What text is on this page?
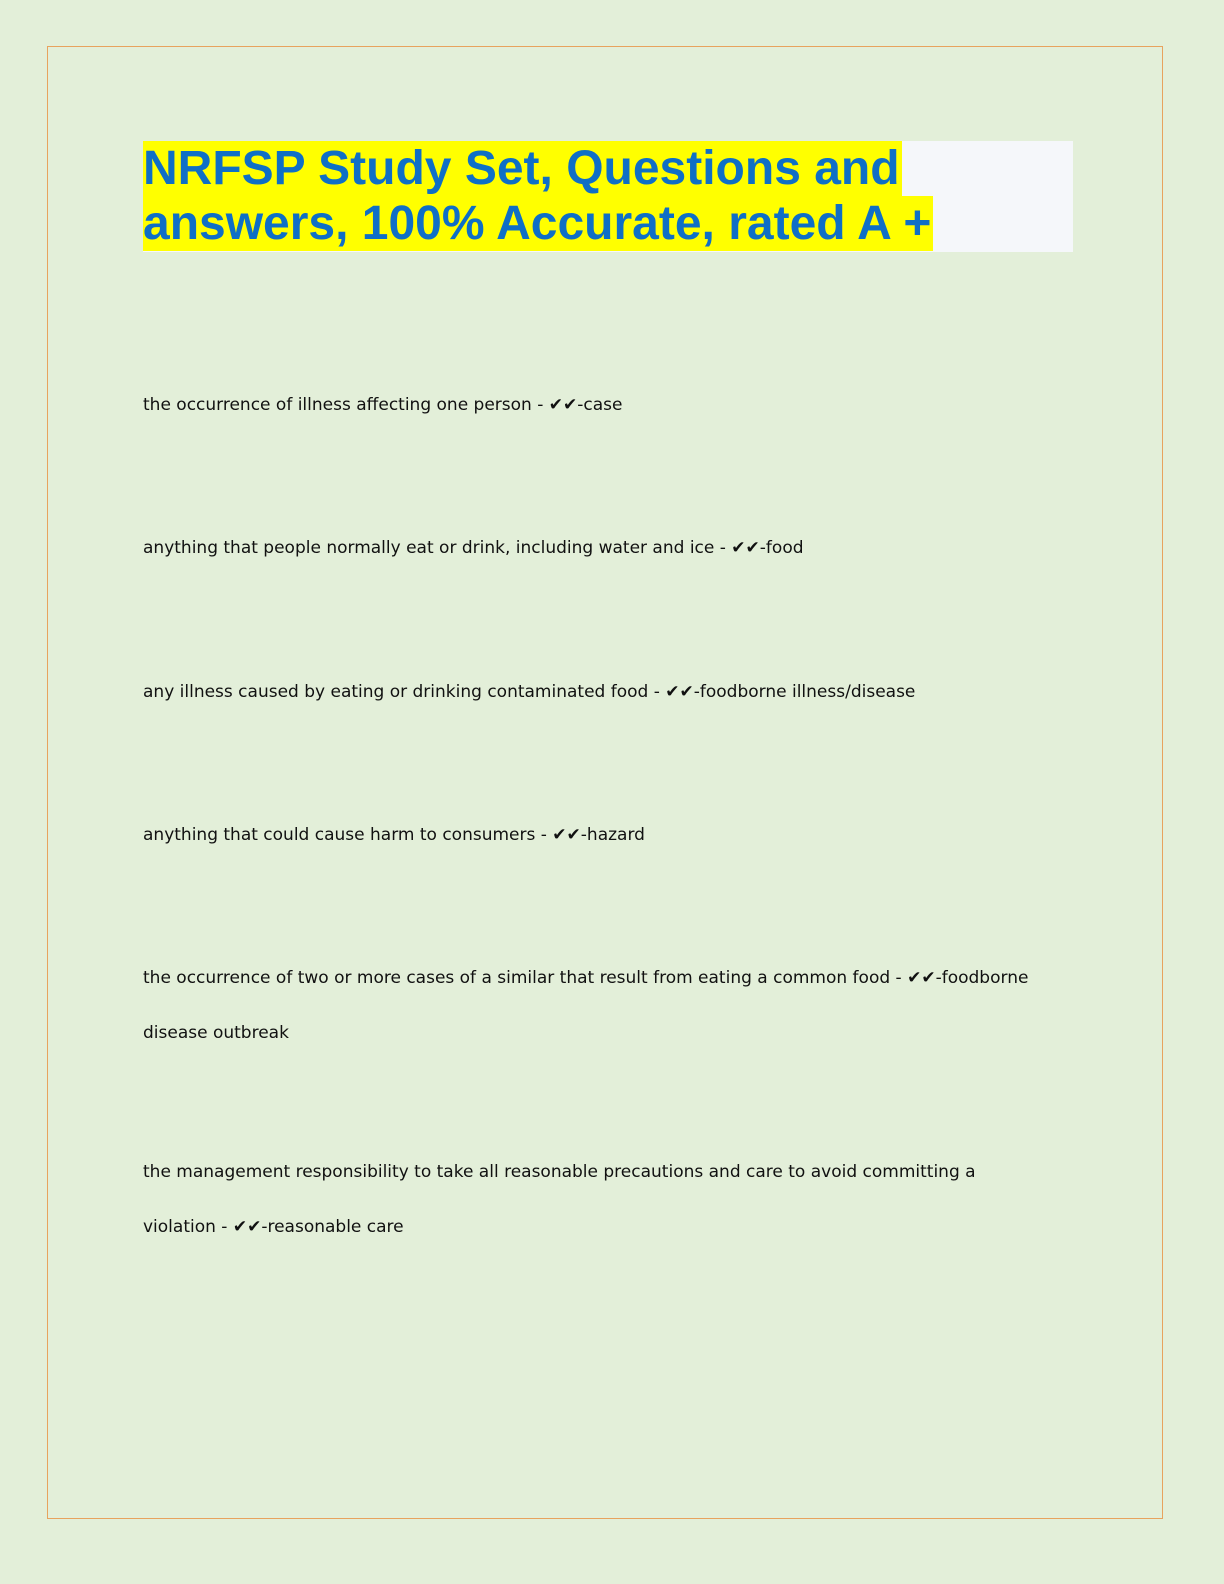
NRFSP Study Set, Questions and
answers, 100% Accurate, rated A +
the occurrence of illness affecting one person - ✔✔-case
anything that people normally eat or drink, including water and ice - ✔✔-food
any illness caused by eating or drinking contaminated food - ✔✔-foodborne illness/disease
anything that could cause harm to consumers - ✔✔-hazard
the occurrence of two or more cases of a similar that result from eating a common food - ✔✔-foodborne disease outbreak
the management responsibility to take all reasonable precautions and care to avoid committing a violation - ✔✔-reasonable care
